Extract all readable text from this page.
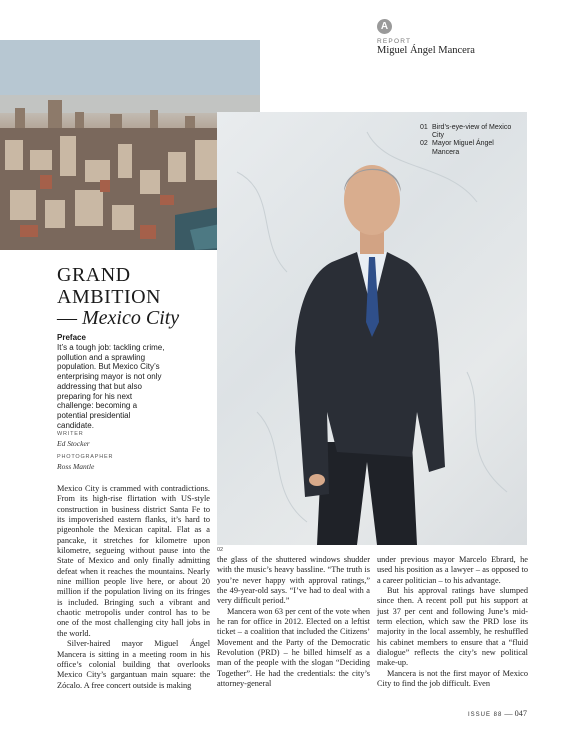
A
REPORT
Miguel Ángel Mancera
02
01 Bird’s-eye-view of Mexico City
02 Mayor Miguel Ángel Mancera
GRAND
AMBITION
— Mexico City
Preface
It’s a tough job: tackling crime, pollution and a sprawling population. But Mexico City’s enterprising mayor is not only addressing that but also preparing for his next challenge: becoming a potential presidential candidate.
WRITER
Ed Stocker
PHOTOGRAPHER
Ross Mantle

Mexico City is crammed with contradictions. From its high-rise flirtation with US-style construction in business district Santa Fe to its impoverished eastern flanks, it’s hard to pigeonhole the Mexican capital. Flat as a pancake, it stretches for kilometre upon kilometre, segueing without pause into the State of Mexico and only finally admitting defeat when it reaches the mountains. Nearly nine million people live here, or about 20 million if the population living on its fringes is included. Bringing such a vibrant and chaotic metropolis under control has to be one of the most challenging city hall jobs in the world.

Silver-haired mayor Miguel Ángel Mancera is sitting in a meeting room in his office’s colonial building that overlooks Mexico City’s gargantuan main square: the Zócalo. A free concert outside is making

the glass of the shuttered windows shudder with the music’s heavy bassline. “The truth is you’re never happy with approval ratings,” the 49-year-old says. “I’ve had to deal with a very difficult period.”

Mancera won 63 per cent of the vote when he ran for office in 2012. Elected on a leftist ticket – a coalition that included the Citizens’ Movement and the Party of the Democratic Revolution (PRD) – he billed himself as a man of the people with the slogan “Deciding Together”. He had the credentials: the city’s attorney-general

under previous mayor Marcelo Ebrard, he used his position as a lawyer – as opposed to a career politician – to his advantage.

But his approval ratings have slumped since then. A recent poll put his support at just 37 per cent and following June’s mid-term election, which saw the PRD lose its majority in the local assembly, he reshuffled his cabinet members to ensure that a “fluid dialogue” reflects the city’s new political make-up.

Mancera is not the first mayor of Mexico City to find the job difficult. Even

ISSUE 88 — 047
